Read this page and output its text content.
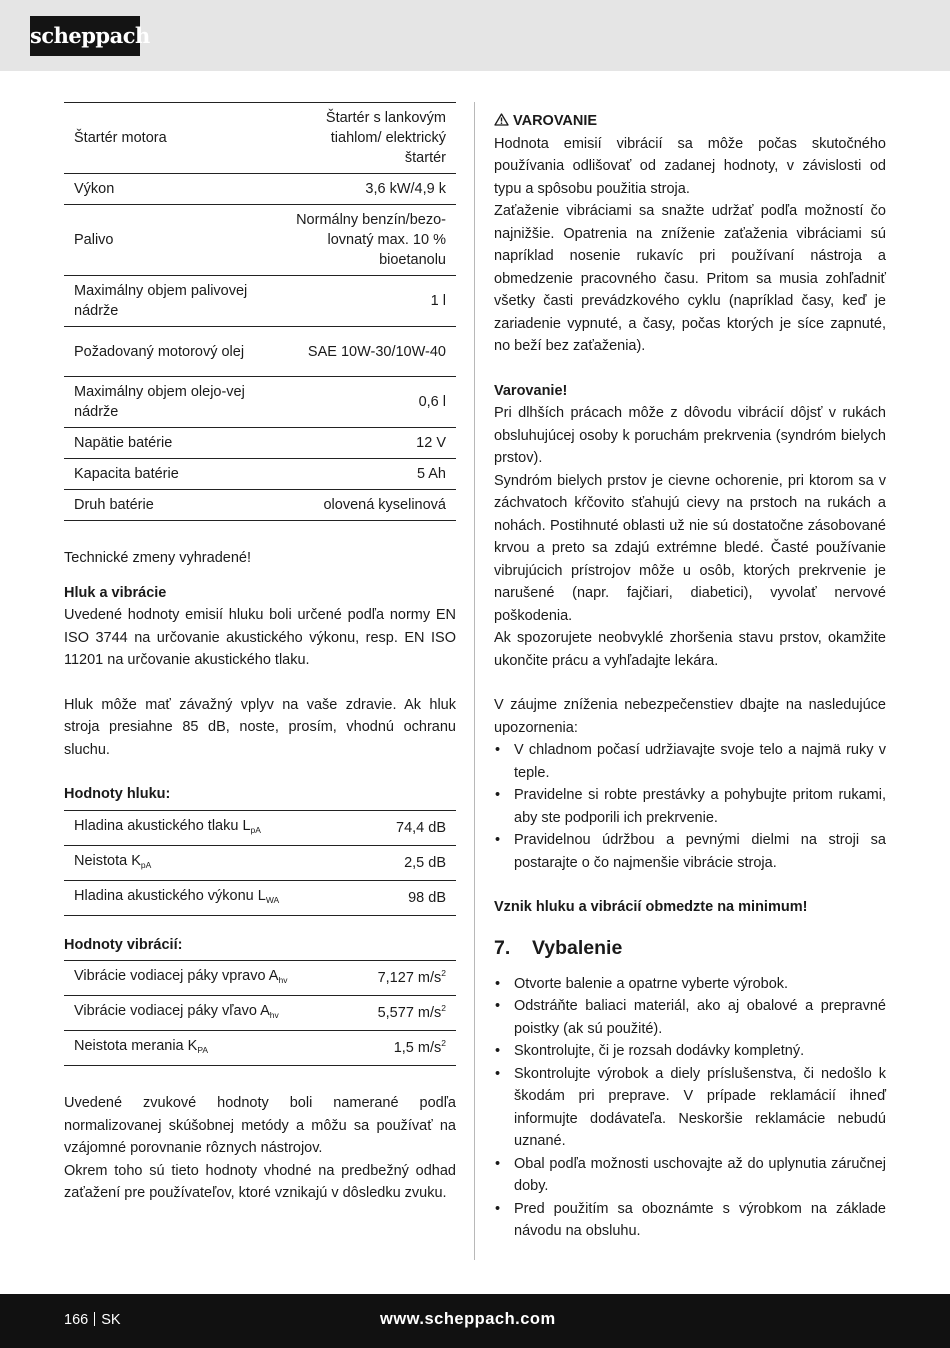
scheppach
Štartér motora	Štartér s lankovým tiahlom/ elektrický štartér
Výkon	3,6 kW/4,9 k
Palivo	Normálny benzín/bezo-lovnatý max. 10 % bioetanolu
Maximálny objem palivovej nádrže	1 l
Požadovaný motorový olej	SAE 10W-30/10W-40
Maximálny objem olejo-vej nádrže	0,6 l
Napätie batérie	12 V
Kapacita batérie	5 Ah
Druh batérie	olovená kyselinová

Technické zmeny vyhradené!

Hluk a vibrácie

Uvedené hodnoty emisií hluku boli určené podľa normy EN ISO 3744 na určovanie akustického výkonu, resp. EN ISO 11201 na určovanie akustického tlaku.

Hluk môže mať závažný vplyv na vaše zdravie. Ak hluk stroja presiahne 85 dB, noste, prosím, vhodnú ochranu sluchu.

Hodnoty hluku:

Hladina akustického tlaku $L_{pA}$	74,4 dB
Neistota $K_{pA}$	2,5 dB
Hladina akustického výkonu $L_{WA}$	98 dB

Hodnoty vibrácií:

Vibrácie vodiacej páky vpravo $A_{hv}$	7,127 $m/s^2$
Vibrácie vodiacej páky vľavo $A_{hv}$	5,577 $m/s^2$
Neistota merania $K_{PA}$	1,5 $m/s^2$

Uvedené zvukové hodnoty boli namerané podľa normalizovanej skúšobnej metódy a môžu sa používať na vzájomné porovnanie rôznych nástrojov.

Okrem toho sú tieto hodnoty vhodné na predbežný odhad zaťažení pre používateľov, ktoré vznikajú v dôsledku zvuku.

VAROVANIE

Hodnota emisií vibrácií sa môže počas skutočného používania odlišovať od zadanej hodnoty, v závislosti od typu a spôsobu použitia stroja.

Zaťaženie vibráciami sa snažte udržať podľa možností čo najnižšie. Opatrenia na zníženie zaťaženia vibráciami sú napríklad nosenie rukavíc pri používaní nástroja a obmedzenie pracovného času. Pritom sa musia zohľadniť všetky časti prevádzkového cyklu (napríklad časy, keď je zariadenie vypnuté, a časy, počas ktorých je síce zapnuté, no beží bez zaťaženia).

Varovanie!

Pri dlhších prácach môže z dôvodu vibrácií dôjsť v rukách obsluhujúcej osoby k poruchám prekrvenia (syndróm bielych prstov).

Syndróm bielych prstov je cievne ochorenie, pri ktorom sa v záchvatoch kŕčovito sťahujú cievy na prstoch na rukách a nohách. Postihnuté oblasti už nie sú dostatočne zásobované krvou a preto sa zdajú extrémne bledé. Časté používanie vibrujúcich prístrojov môže u osôb, ktorých prekrvenie je narušené (napr. fajčiari, diabetici), vyvolať nervové poškodenia.

Ak spozorujete neobvyklé zhoršenia stavu prstov, okamžite ukončite prácu a vyhľadajte lekára.

V záujme zníženia nebezpečenstiev dbajte na nasledujúce upozornenia:

• V chladnom počasí udržiavajte svoje telo a najmä ruky v teple.
• Pravidelne si robte prestávky a pohybujte pritom rukami, aby ste podporili ich prekrvenie.
• Pravidelnou údržbou a pevnými dielmi na stroji sa postarajte o čo najmenšie vibrácie stroja.

Vznik hluku a vibrácií obmedzte na minimum!

7. Vybalenie
• Otvorte balenie a opatrne vyberte výrobok.
• Odstráňte baliaci materiál, ako aj obalové a prepravné poistky (ak sú použité).
• Skontrolujte, či je rozsah dodávky kompletný.
• Skontrolujte výrobok a diely príslušenstva, či nedošlo k škodám pri preprave. V prípade reklamácií ihneď informujte dodávateľa. Neskoršie reklamácie nebudú uznané.
• Obal podľa možnosti uschovajte až do uplynutia záručnej doby.
• Pred použitím sa oboznámte s výrobkom na základe návodu na obsluhu.
166 SK	www.scheppach.com
